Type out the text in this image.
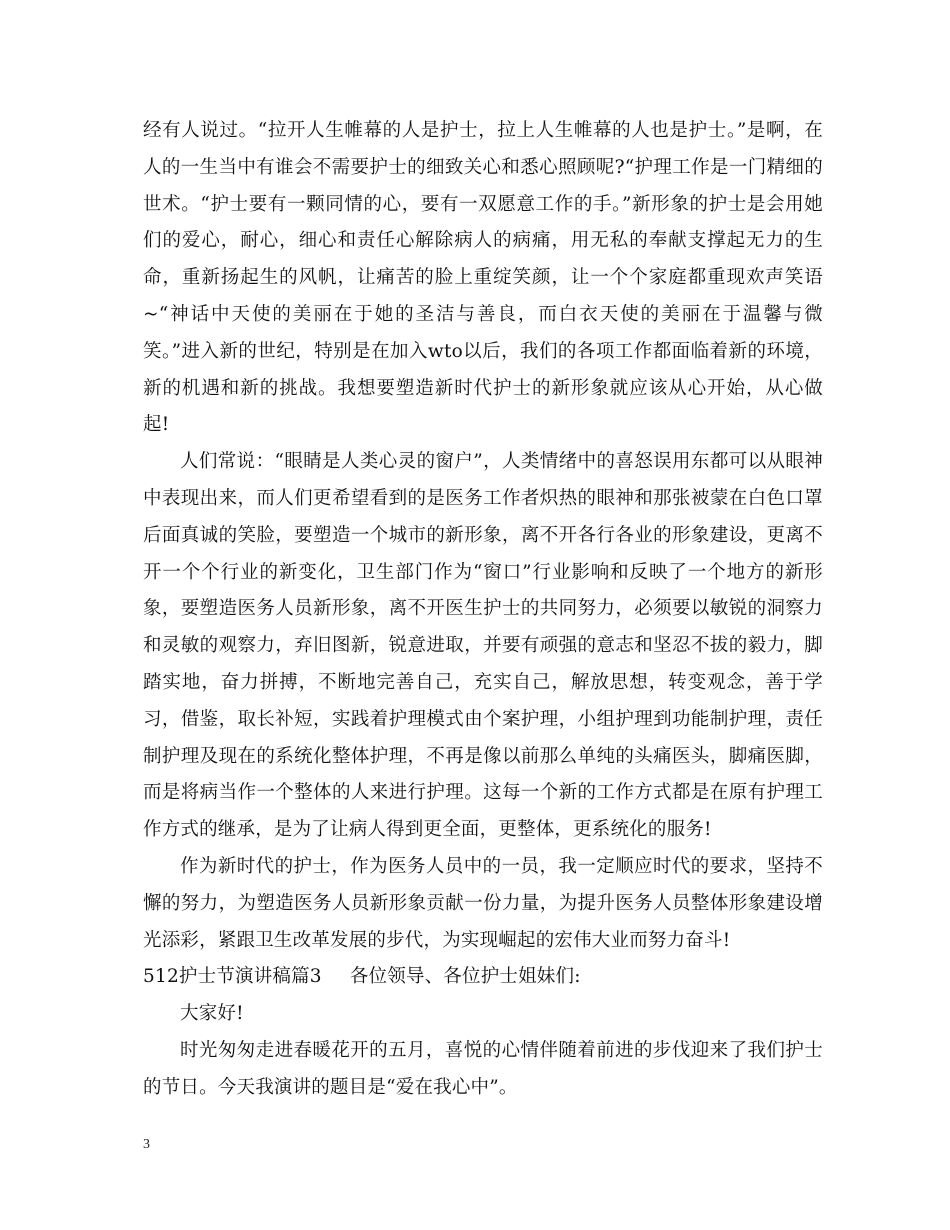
经有人说过。“拉开人生帷幕的人是护士，拉上人生帷幕的人也是护士。”是啊，在人的一生当中有谁会不需要护士的细致关心和悉心照顾呢?“护理工作是一门精细的世术。“护士要有一颗同情的心，要有一双愿意工作的手。”新形象的护士是会用她们的爱心，耐心，细心和责任心解除病人的病痛，用无私的奉献支撑起无力的生命，重新扬起生的风帆，让痛苦的脸上重绽笑颜，让一个个家庭都重现欢声笑语~“神话中天使的美丽在于她的圣洁与善良，而白衣天使的美丽在于温馨与微笑。”进入新的世纪，特别是在加入wto以后，我们的各项工作都面临着新的环境，新的机遇和新的挑战。我想要塑造新时代护士的新形象就应该从心开始，从心做起!

人们常说：“眼睛是人类心灵的窗户”，人类情绪中的喜怒误用东都可以从眼神中表现出来，而人们更希望看到的是医务工作者炽热的眼神和那张被蒙在白色口罩后面真诚的笑脸，要塑造一个城市的新形象，离不开各行各业的形象建设，更离不开一个个行业的新变化，卫生部门作为“窗口”行业影响和反映了一个地方的新形象，要塑造医务人员新形象，离不开医生护士的共同努力，必须要以敏锐的洞察力和灵敏的观察力，弃旧图新，锐意进取，并要有顽强的意志和坚忍不拔的毅力，脚踏实地，奋力拼搏，不断地完善自己，充实自己，解放思想，转变观念，善于学习，借鉴，取长补短，实践着护理模式由个案护理，小组护理到功能制护理，责任制护理及现在的系统化整体护理，不再是像以前那么单纯的头痛医头，脚痛医脚，而是将病当作一个整体的人来进行护理。这每一个新的工作方式都是在原有护理工作方式的继承，是为了让病人得到更全面，更整体，更系统化的服务!

作为新时代的护士，作为医务人员中的一员，我一定顺应时代的要求，坚持不懈的努力，为塑造医务人员新形象贡献一份力量，为提升医务人员整体形象建设增光添彩，紧跟卫生改革发展的步代，为实现崛起的宏伟大业而努力奋斗!

512护士节演讲稿篇3 各位领导、各位护士姐妹们:

大家好!

时光匆匆走进春暖花开的五月，喜悦的心情伴随着前进的步伐迎来了我们护士的节日。今天我演讲的题目是“爱在我心中”。

3
